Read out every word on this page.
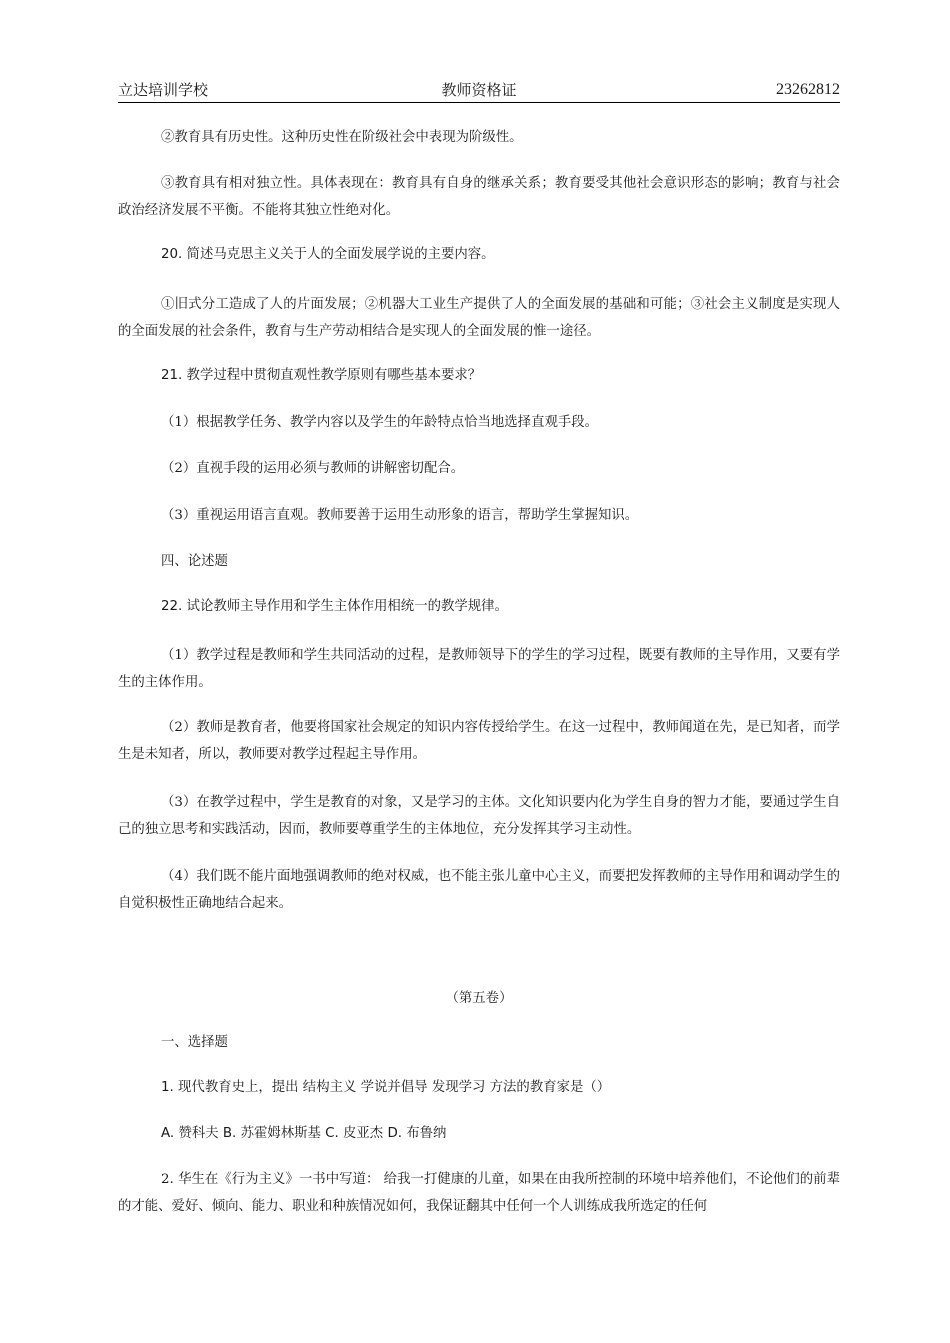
立达培训学校	教师资格证	23262812

②教育具有历史性。这种历史性在阶级社会中表现为阶级性。

③教育具有相对独立性。具体表现在：教育具有自身的继承关系；教育要受其他社会意识形态的影响；教育与社会政治经济发展不平衡。不能将其独立性绝对化。

20. 简述马克思主义关于人的全面发展学说的主要内容。

①旧式分工造成了人的片面发展；②机器大工业生产提供了人的全面发展的基础和可能；③社会主义制度是实现人的全面发展的社会条件，教育与生产劳动相结合是实现人的全面发展的惟一途径。

21. 教学过程中贯彻直观性教学原则有哪些基本要求？

（1）根据教学任务、教学内容以及学生的年龄特点恰当地选择直观手段。

（2）直视手段的运用必须与教师的讲解密切配合。

（3）重视运用语言直观。教师要善于运用生动形象的语言，帮助学生掌握知识。

四、论述题

22. 试论教师主导作用和学生主体作用相统一的教学规律。

（1）教学过程是教师和学生共同活动的过程，是教师领导下的学生的学习过程，既要有教师的主导作用，又要有学生的主体作用。

（2）教师是教育者，他要将国家社会规定的知识内容传授给学生。在这一过程中，教师闻道在先，是已知者，而学生是未知者，所以，教师要对教学过程起主导作用。

（3）在教学过程中，学生是教育的对象，又是学习的主体。文化知识要内化为学生自身的智力才能，要通过学生自己的独立思考和实践活动，因而，教师要尊重学生的主体地位，充分发挥其学习主动性。

（4）我们既不能片面地强调教师的绝对权威，也不能主张儿童中心主义，而要把发挥教师的主导作用和调动学生的自觉积极性正确地结合起来。

（第五卷）

一、选择题

1. 现代教育史上，提出 结构主义 学说并倡导 发现学习 方法的教育家是（）

A. 赞科夫 B. 苏霍姆林斯基 C. 皮亚杰 D. 布鲁纳

2. 华生在《行为主义》一书中写道： 给我一打健康的儿童，如果在由我所控制的环境中培养他们，不论他们的前辈的才能、爱好、倾向、能力、职业和种族情况如何，我保证翻其中任何一个人训练成我所选定的任何
